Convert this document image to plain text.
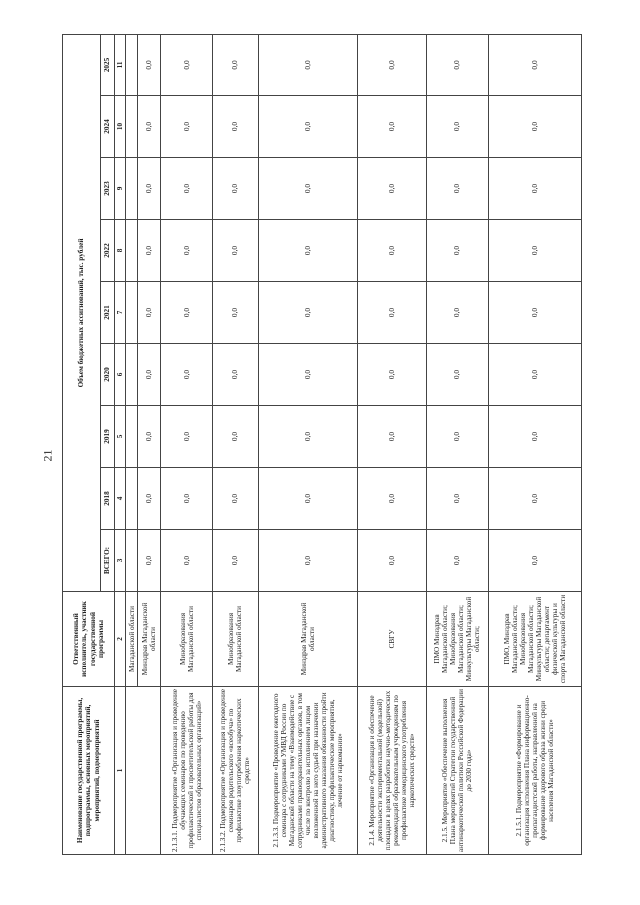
21
Наименование государственной программы, подпрограммы, основных мероприятий, мероприятий, подмероприятий	Ответственный исполнитель, участник государственной программы	Объем бюджетных ассигнований, тыс. рублей								
		ВСЕГО:	2018	2019	2020	2021	2022	2023	2024	2025
1	2	3	4	5	6	7	8	9	10	11
	Магаданской области									
	Минздрав Магаданской области	0,0	0,0	0,0	0,0	0,0	0,0	0,0	0,0	0,0
2.1.3.1. Подмероприятие «Организация и проведение обучающих семинаров по проведению профилактической и просветительской работы для специалистов образовательных организаций»	Минобразования Магаданской области	0,0	0,0	0,0	0,0	0,0	0,0	0,0	0,0	0,0
2.1.3.2. Подмероприятие «Организация и проведение семинаров родительского «всеобуча» по профилактике злоупотребления наркотических средств»	Минобразования Магаданской области	0,0	0,0	0,0	0,0	0,0	0,0	0,0	0,0	0,0
2.1.3.3. Подмероприятие «Проведение ежегодного семинара с сотрудниками УМВД России по Магаданской области на тему «Взаимодействие с сотрудниками правоохранительных органов, в том числе по контролю за исполнением лицом возложенной на него судьей при назначении административного наказания обязанности пройти диагностику, профилактические мероприятия, лечение от наркомании»	Минздрав Магаданской области	0,0	0,0	0,0	0,0	0,0	0,0	0,0	0,0	0,0
2.1.4. Мероприятие «Организация и обеспечение деятельности экспериментальной (модельной) площадки в целях разработки научно-методических рекомендаций образовательным учреждениям по профилактике немедицинского употребления наркотических средств»	СВГУ	0,0	0,0	0,0	0,0	0,0	0,0	0,0	0,0	0,0
2.1.5. Мероприятие «Обеспечение выполнения Плана мероприятий Стратегии государственной антинаркотической политики Российской Федерации до 2030 года»	ПМО Минздрав Магаданской области; Минобразования Магаданской области; Минкультуры Магаданской области;	0,0	0,0	0,0	0,0	0,0	0,0	0,0	0,0	0,0
2.1.5.1. Подмероприятие «Формирование и организация исполнения Плана информационно-пропагандистской работы, направленной на формирование здорового образа жизни среди населения Магаданской области»	ПМО, Минздрав Магаданской области; Минобразования Магаданской области; Минкультуры Магаданской области; департамент физической культуры и спорта Магаданской области	0,0	0,0	0,0	0,0	0,0	0,0	0,0	0,0	0,0
